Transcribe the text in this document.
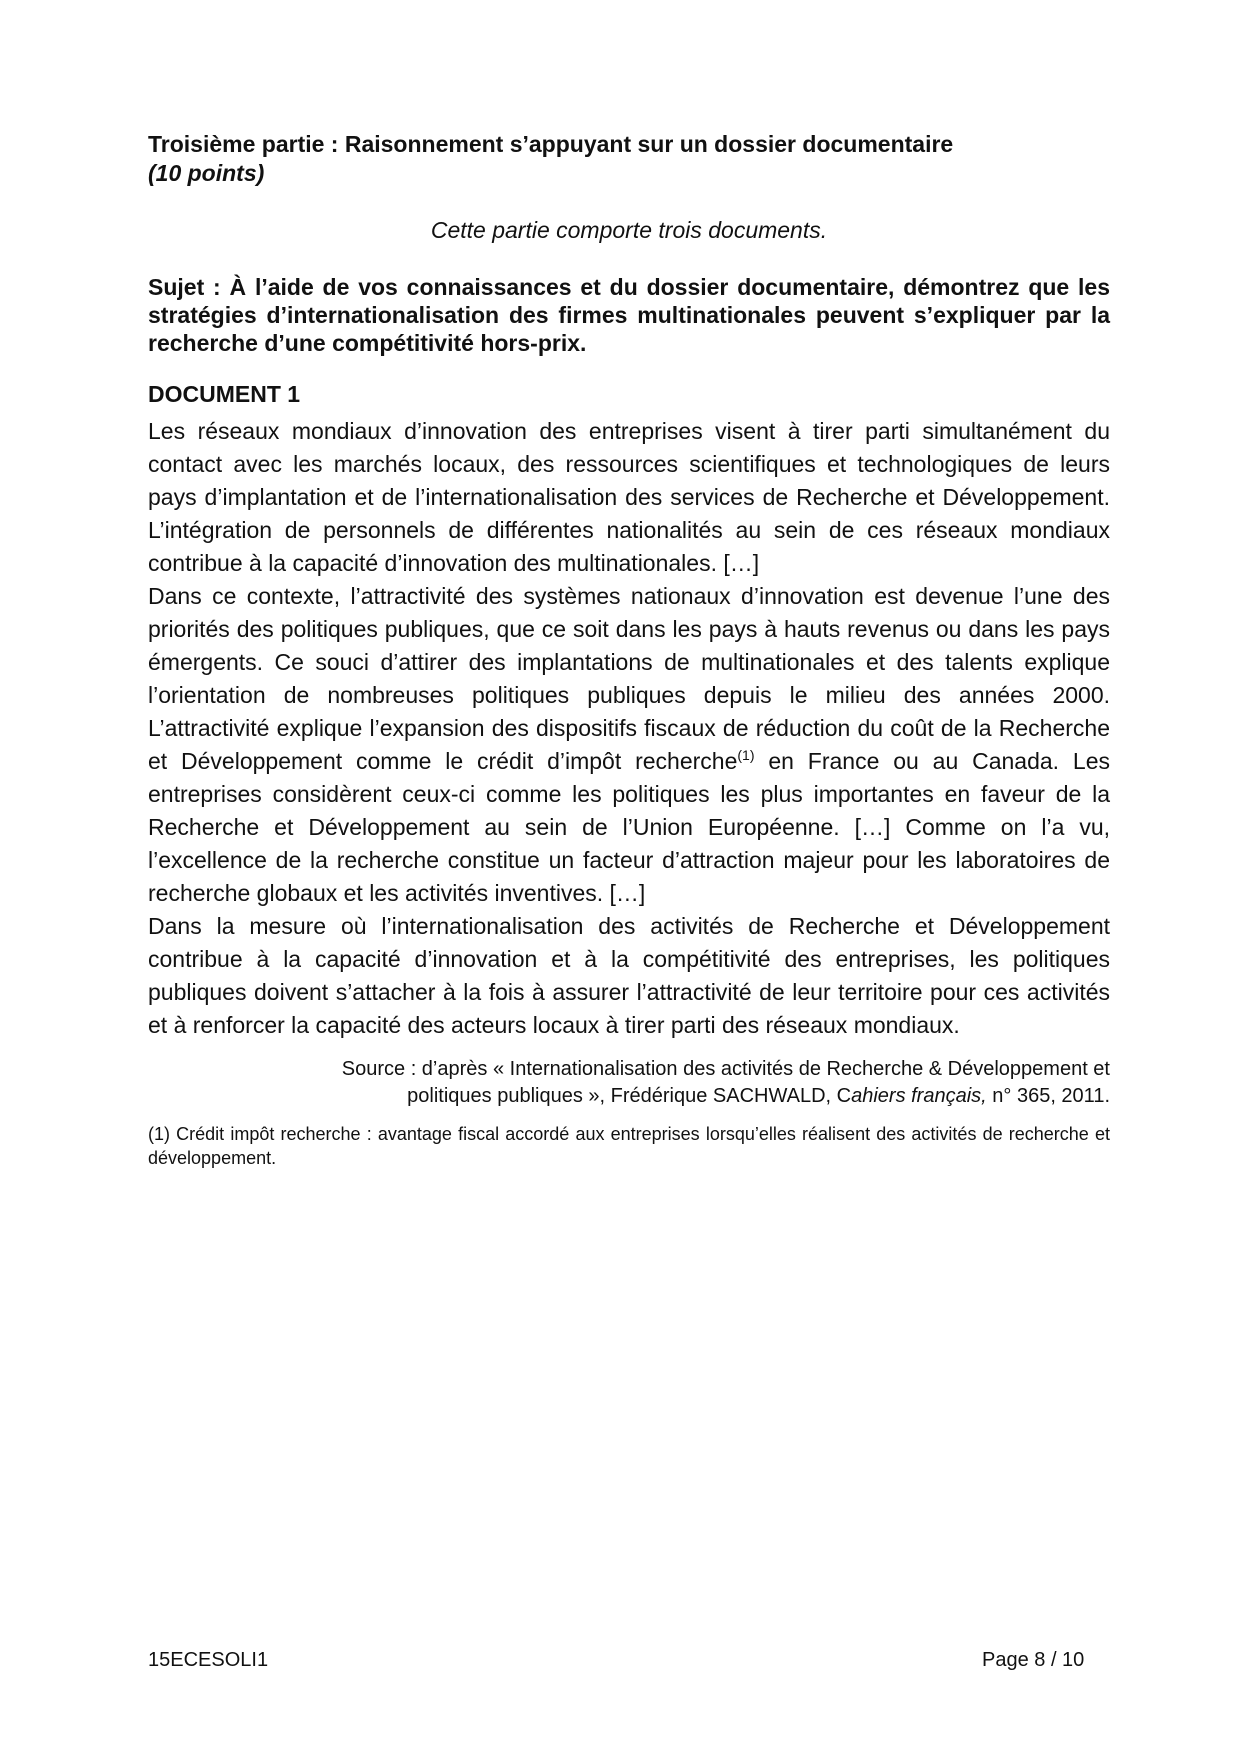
Troisième partie : Raisonnement s’appuyant sur un dossier documentaire
(10 points)

Cette partie comporte trois documents.

Sujet : À l’aide de vos connaissances et du dossier documentaire, démontrez que les stratégies d’internationalisation des firmes multinationales peuvent s’expliquer par la recherche d’une compétitivité hors-prix.

DOCUMENT 1

Les réseaux mondiaux d’innovation des entreprises visent à tirer parti simultanément du contact avec les marchés locaux, des ressources scientifiques et technologiques de leurs pays d’implantation et de l’internationalisation des services de Recherche et Développement. L’intégration de personnels de différentes nationalités au sein de ces réseaux mondiaux contribue à la capacité d’innovation des multinationales. […]

Dans ce contexte, l’attractivité des systèmes nationaux d’innovation est devenue l’une des priorités des politiques publiques, que ce soit dans les pays à hauts revenus ou dans les pays émergents. Ce souci d’attirer des implantations de multinationales et des talents explique l’orientation de nombreuses politiques publiques depuis le milieu des années 2000. L’attractivité explique l’expansion des dispositifs fiscaux de réduction du coût de la Recherche et Développement comme le crédit d’impôt recherche$^{(1)}$ en France ou au Canada. Les entreprises considèrent ceux-ci comme les politiques les plus importantes en faveur de la Recherche et Développement au sein de l’Union Européenne. […] Comme on l’a vu, l’excellence de la recherche constitue un facteur d’attraction majeur pour les laboratoires de recherche globaux et les activités inventives. […]

Dans la mesure où l’internationalisation des activités de Recherche et Développement contribue à la capacité d’innovation et à la compétitivité des entreprises, les politiques publiques doivent s’attacher à la fois à assurer l’attractivité de leur territoire pour ces activités et à renforcer la capacité des acteurs locaux à tirer parti des réseaux mondiaux.

Source : d’après « Internationalisation des activités de Recherche & Développement et
politiques publiques », Frédérique SACHWALD, Cahiers français, n° 365, 2011.

(1) Crédit impôt recherche : avantage fiscal accordé aux entreprises lorsqu’elles réalisent des activités de recherche et développement.

15ECESOLI1	Page 8 / 10
